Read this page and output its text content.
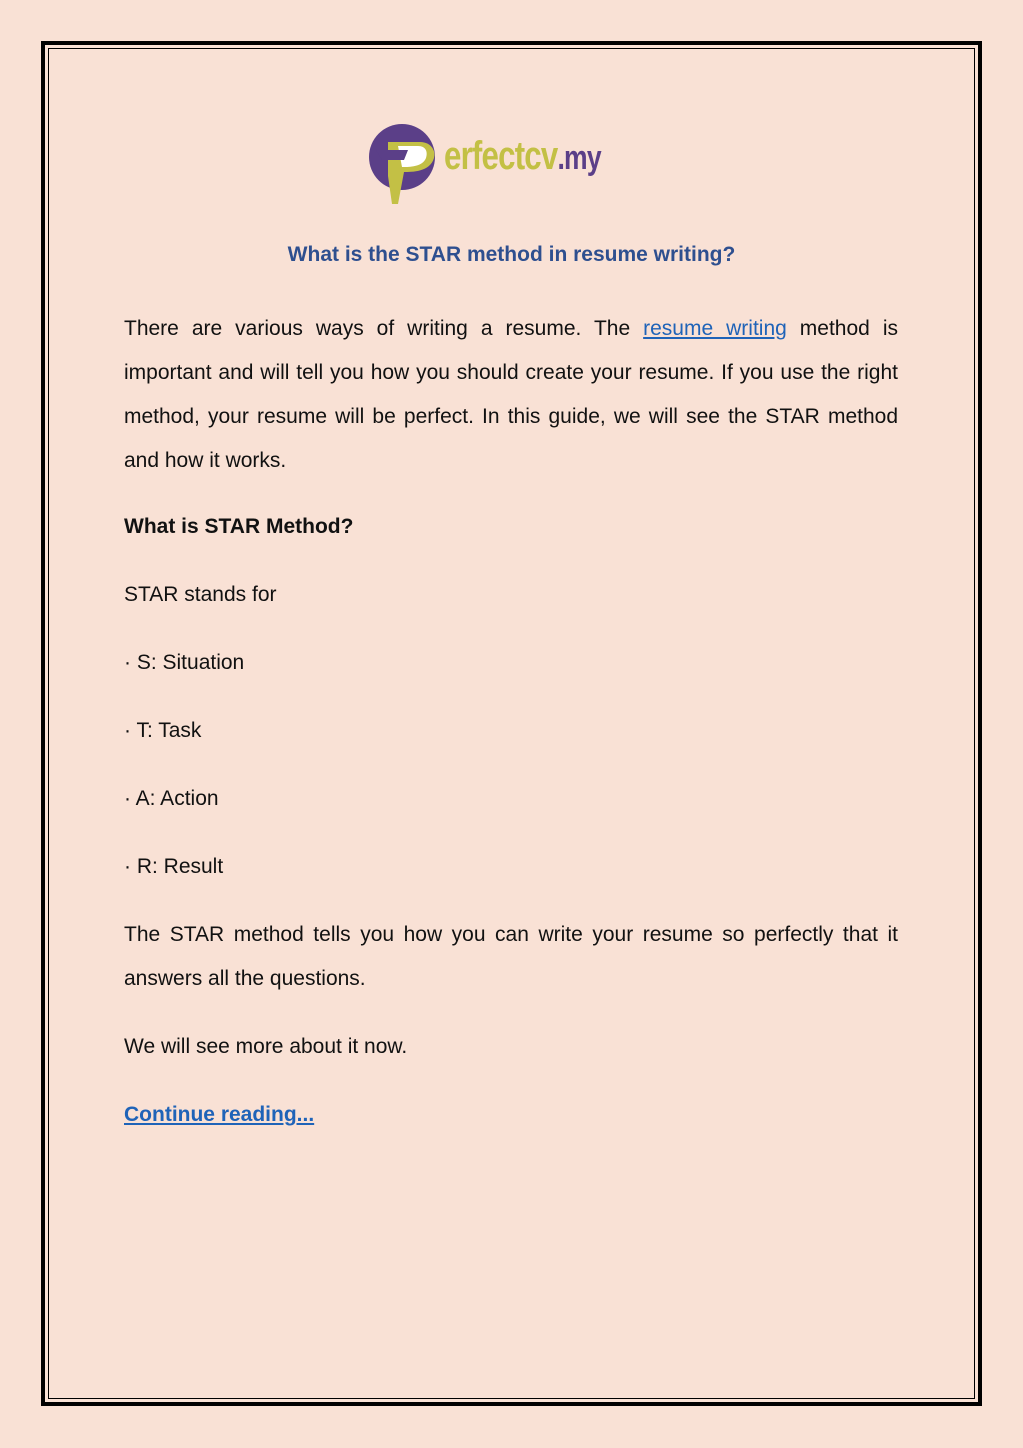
erfectcv.my
What is the STAR method in resume writing?

There are various ways of writing a resume. The resume writing method is important and will tell you how you should create your resume. If you use the right method, your resume will be perfect. In this guide, we will see the STAR method and how it works.

What is STAR Method?

STAR stands for

· S: Situation

· T: Task

· A: Action

· R: Result

The STAR method tells you how you can write your resume so perfectly that it answers all the questions.

We will see more about it now.

Continue reading...
